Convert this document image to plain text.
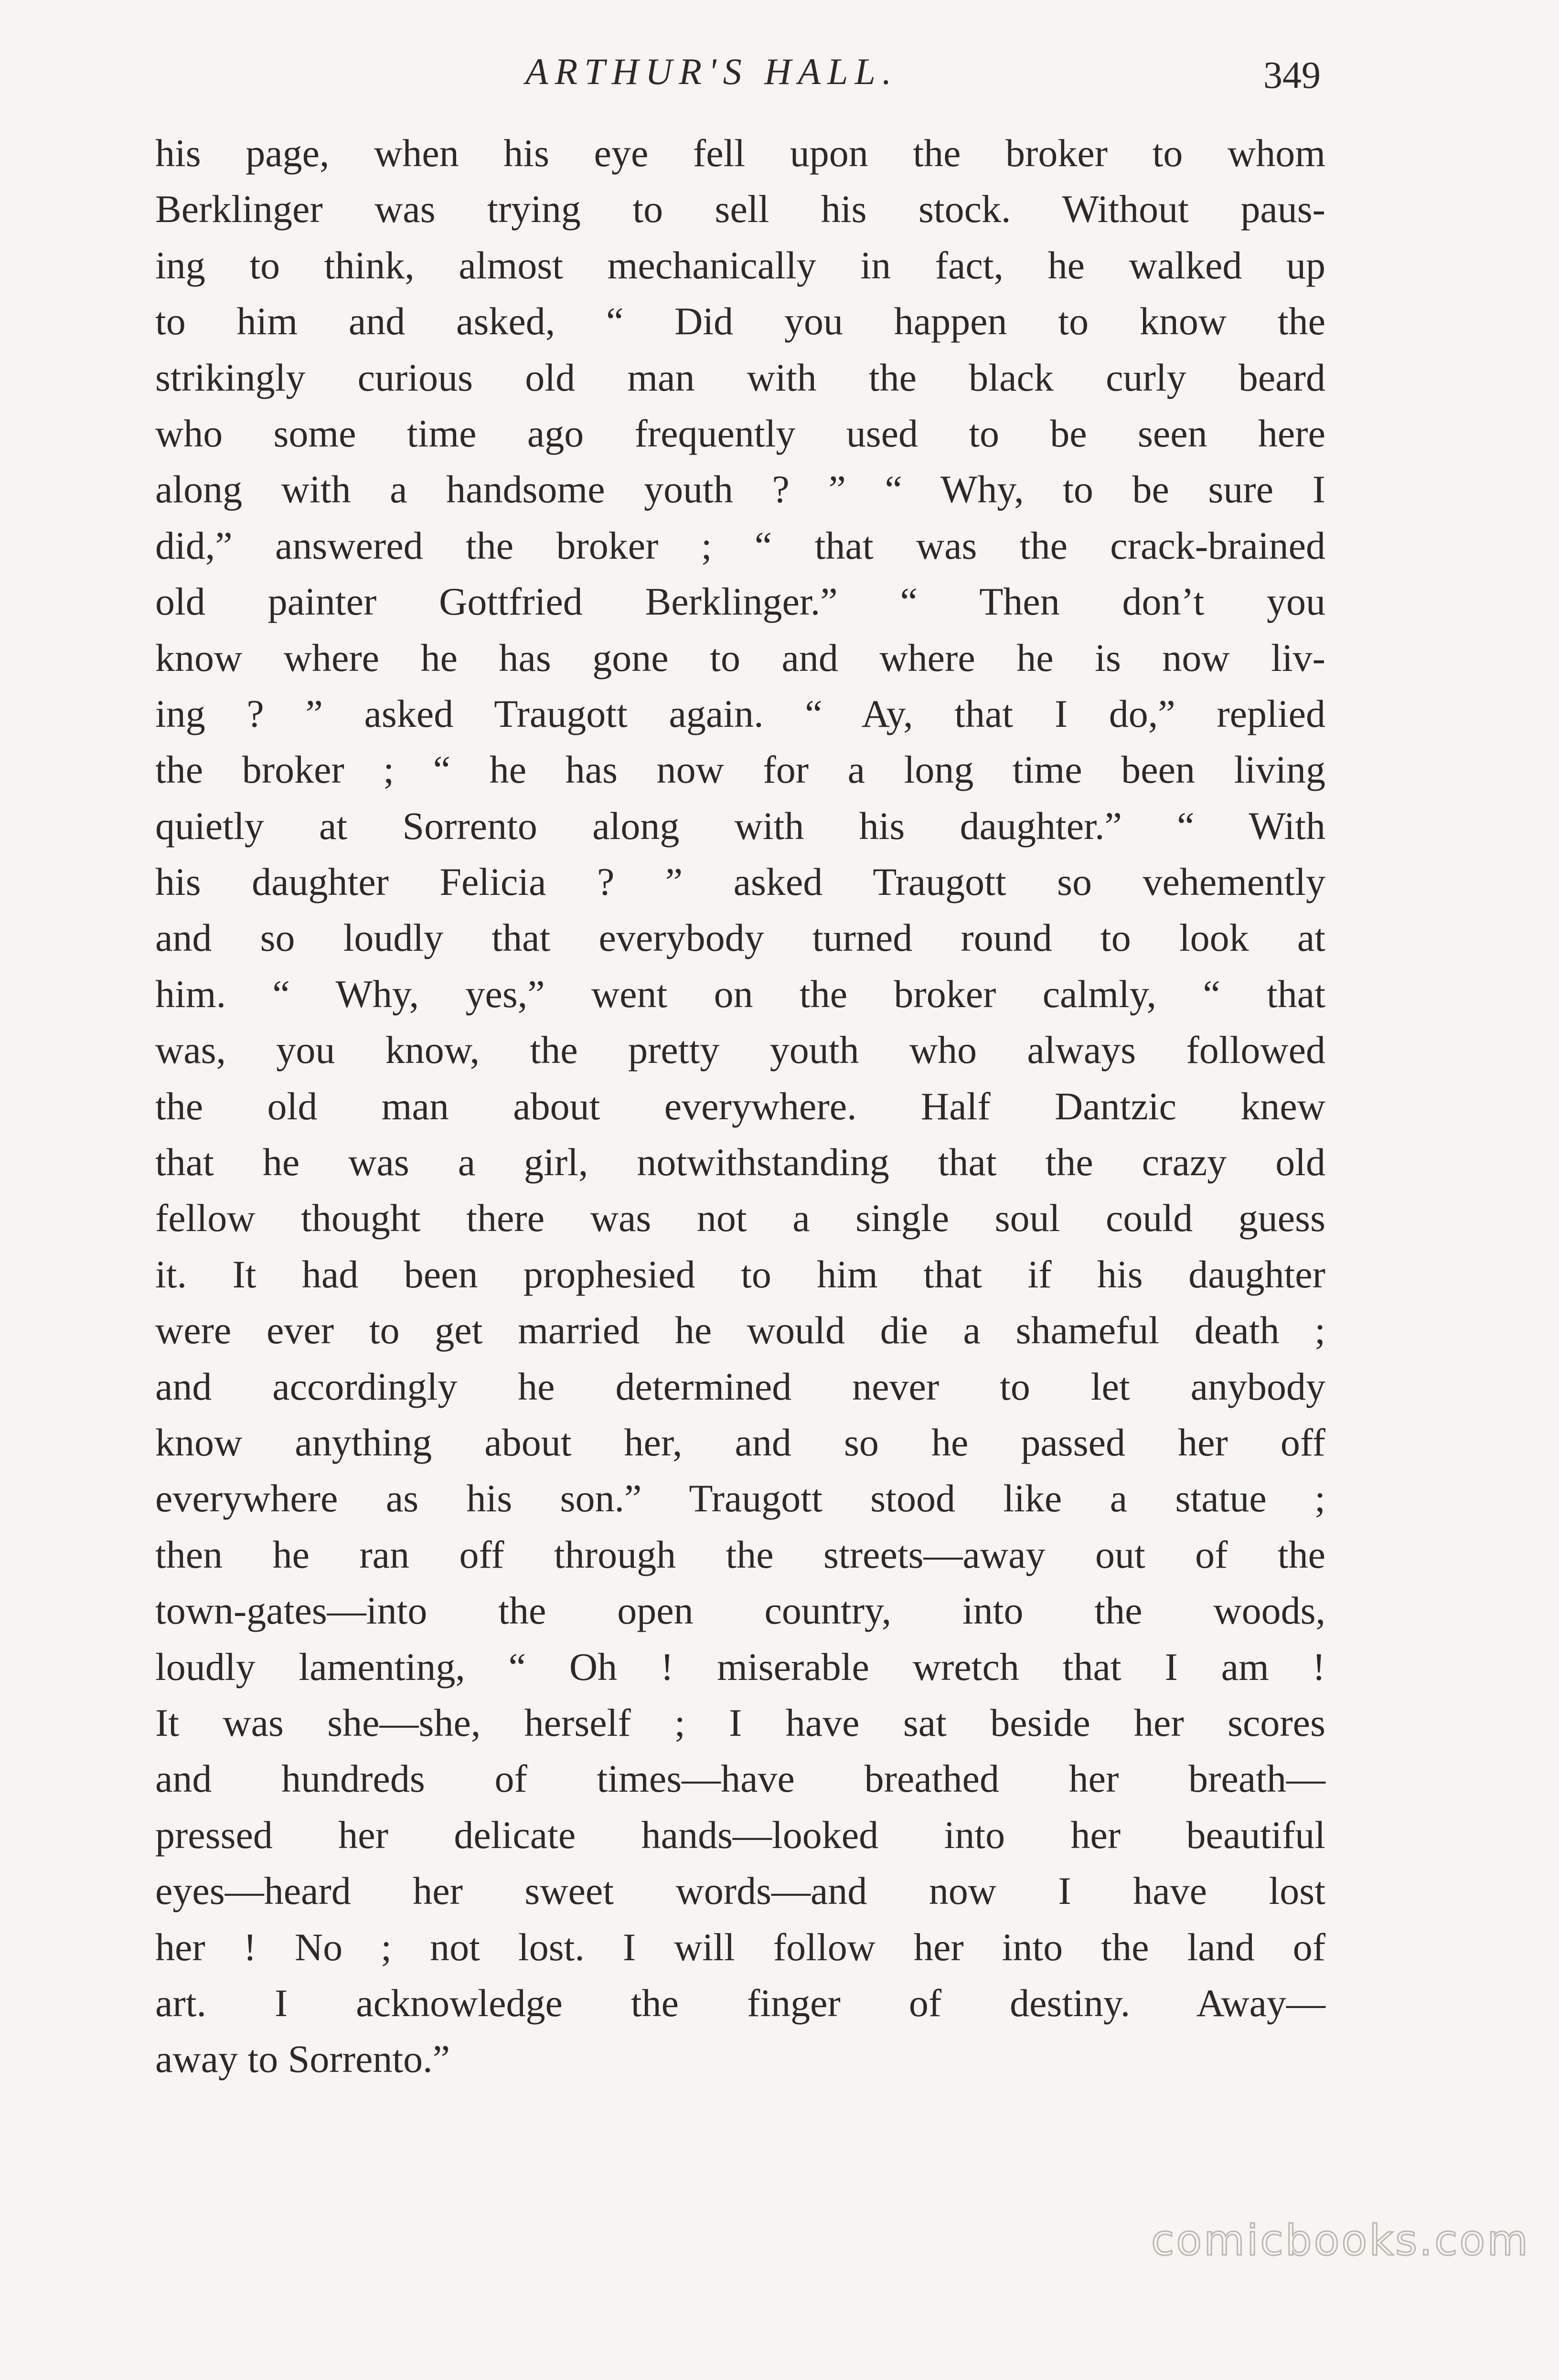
ARTHUR'S HALL.	349
his page, when his eye fell upon the broker to whom
Berklinger was trying to sell his stock. Without paus-
ing to think, almost mechanically in fact, he walked up
to him and asked, “ Did you happen to know the
strikingly curious old man with the black curly beard
who some time ago frequently used to be seen here
along with a handsome youth ? ” “ Why, to be sure I
did,” answered the broker ; “ that was the crack-brained
old painter Gottfried Berklinger.” “ Then don’t you
know where he has gone to and where he is now liv-
ing ? ” asked Traugott again. “ Ay, that I do,” replied
the broker ; “ he has now for a long time been living
quietly at Sorrento along with his daughter.” “ With
his daughter Felicia ? ” asked Traugott so vehemently
and so loudly that everybody turned round to look at
him. “ Why, yes,” went on the broker calmly, “ that
was, you know, the pretty youth who always followed
the old man about everywhere. Half Dantzic knew
that he was a girl, notwithstanding that the crazy old
fellow thought there was not a single soul could guess
it. It had been prophesied to him that if his daughter
were ever to get married he would die a shameful death ;
and accordingly he determined never to let anybody
know anything about her, and so he passed her off
everywhere as his son.” Traugott stood like a statue ;
then he ran off through the streets—away out of the
town-gates—into the open country, into the woods,
loudly lamenting, “ Oh ! miserable wretch that I am !
It was she—she, herself ; I have sat beside her scores
and hundreds of times—have breathed her breath—
pressed her delicate hands—looked into her beautiful
eyes—heard her sweet words—and now I have lost
her ! No ; not lost. I will follow her into the land of
art. I acknowledge the finger of destiny. Away—
away to Sorrento.”
comicbooks.com
